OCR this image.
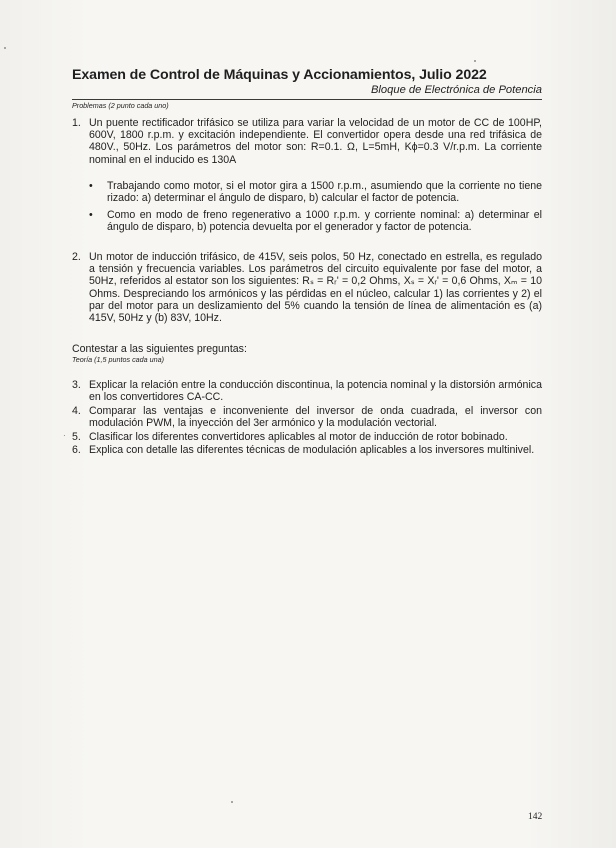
Examen de Control de Máquinas y Accionamientos, Julio 2022
Bloque de Electrónica de Potencia
Problemas (2 punto cada uno)
1. Un puente rectificador trifásico se utiliza para variar la velocidad de un motor de CC de 100HP, 600V, 1800 r.p.m. y excitación independiente. El convertidor opera desde una red trifásica de 480V., 50Hz. Los parámetros del motor son: R=0.1. Ω, L=5mH, Kϕ=0.3 V/r.p.m. La corriente nominal en el inducido es 130A
• Trabajando como motor, si el motor gira a 1500 r.p.m., asumiendo que la corriente no tiene rizado: a) determinar el ángulo de disparo, b) calcular el factor de potencia.
• Como en modo de freno regenerativo a 1000 r.p.m. y corriente nominal: a) determinar el ángulo de disparo, b) potencia devuelta por el generador y factor de potencia.
2. Un motor de inducción trifásico, de 415V, seis polos, 50 Hz, conectado en estrella, es regulado a tensión y frecuencia variables. Los parámetros del circuito equivalente por fase del motor, a 50Hz, referidos al estator son los siguientes: Rₛ = Rᵣ' = 0,2 Ohms, Xₛ = Xᵣ' = 0,6 Ohms, Xₘ = 10 Ohms. Despreciando los armónicos y las pérdidas en el núcleo, calcular 1) las corrientes y 2) el par del motor para un deslizamiento del 5% cuando la tensión de línea de alimentación es (a) 415V, 50Hz y (b) 83V, 10Hz.
Contestar a las siguientes preguntas:
Teoría (1,5 puntos cada una)
3. Explicar la relación entre la conducción discontinua, la potencia nominal y la distorsión armónica en los convertidores CA-CC.
4. Comparar las ventajas e inconveniente del inversor de onda cuadrada, el inversor con modulación PWM, la inyección del 3er armónico y la modulación vectorial.
5. Clasificar los diferentes convertidores aplicables al motor de inducción de rotor bobinado.
6. Explica con detalle las diferentes técnicas de modulación aplicables a los inversores multinivel.
142
·
